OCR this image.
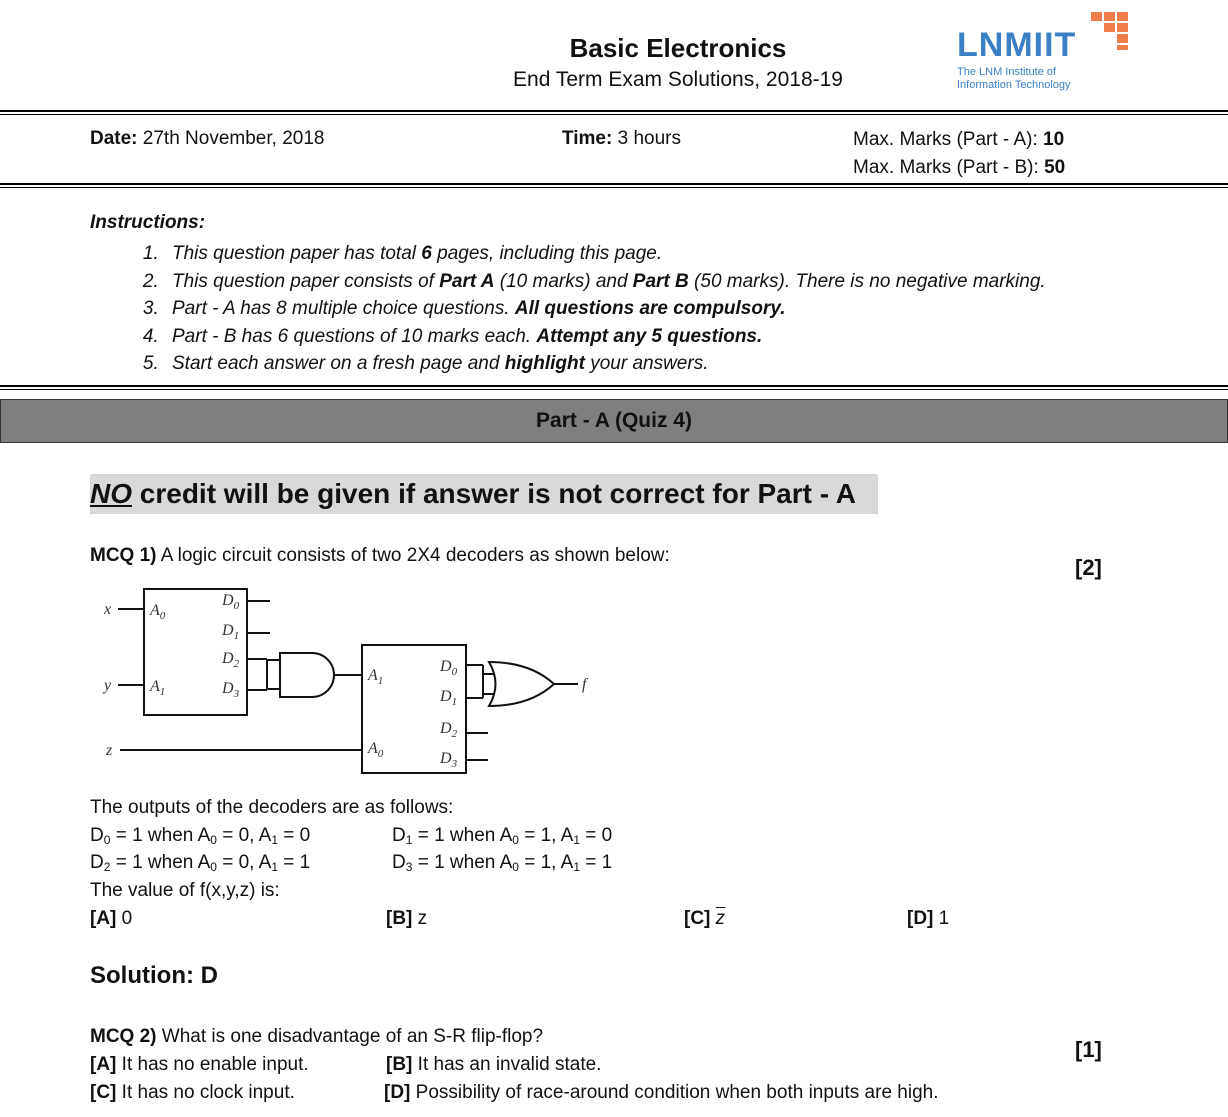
Basic Electronics
End Term Exam Solutions, 2018-19
LNMIIT
The LNM Institute of
Information Technology
Date: 27th November, 2018	Time: 3 hours	Max. Marks (Part - A): 10
Max. Marks (Part - B): 50
Instructions:
1. This question paper has total 6 pages, including this page.
2. This question paper consists of Part A (10 marks) and Part B (50 marks). There is no negative marking.
3. Part - A has 8 multiple choice questions. All questions are compulsory.
4. Part - B has 6 questions of 10 marks each. Attempt any 5 questions.
5. Start each answer on a fresh page and highlight your answers.
Part - A (Quiz 4)
NO credit will be given if answer is not correct for Part - A
MCQ 1) A logic circuit consists of two 2X4 decoders as shown below:	[2]
x
y
z
f
$A_0$
$A_1$
$D_0$
$D_1$
$D_2$
$D_3$
$A_1$
$A_0$
$D_0$
$D_1$
$D_2$
$D_3$
The outputs of the decoders are as follows:
$D_0 = 1$ when $A_0 = 0$, $A_1 = 0$	$D_1 = 1$ when $A_0 = 1$, $A_1 = 0$
$D_2 = 1$ when $A_0 = 0$, $A_1 = 1$	$D_3 = 1$ when $A_0 = 1$, $A_1 = 1$
The value of f(x,y,z) is:
[A] 0	[B] z	[C] $\overline{z}$	[D] 1
Solution: D
MCQ 2) What is one disadvantage of an S-R flip-flop?
[1]
[A] It has no enable input.	[B] It has an invalid state.
[C] It has no clock input.	[D] Possibility of race-around condition when both inputs are high.
